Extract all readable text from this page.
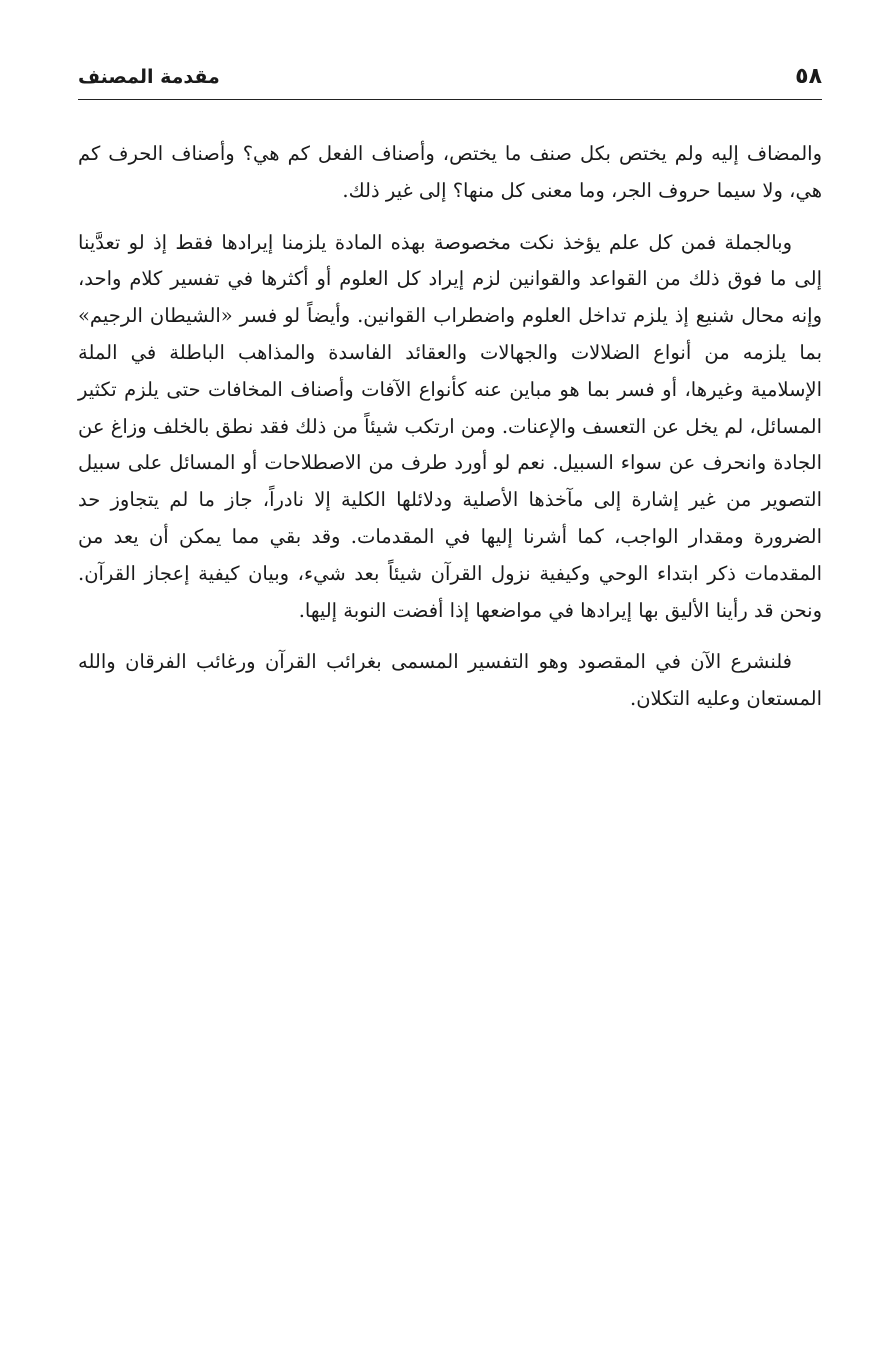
٥٨
مقدمة المصنف

والمضاف إليه ولم يختص بكل صنف ما يختص، وأصناف الفعل كم هي؟ وأصناف الحرف كم هي، ولا سيما حروف الجر، وما معنى كل منها؟ إلى غير ذلك.

وبالجملة فمن كل علم يؤخذ نكت مخصوصة بهذه المادة يلزمنا إيرادها فقط إذ لو تعدَّينا إلى ما فوق ذلك من القواعد والقوانين لزم إيراد كل العلوم أو أكثرها في تفسير كلام واحد، وإنه محال شنيع إذ يلزم تداخل العلوم واضطراب القوانين. وأيضاً لو فسر «الشيطان الرجيم» بما يلزمه من أنواع الضلالات والجهالات والعقائد الفاسدة والمذاهب الباطلة في الملة الإسلامية وغيرها، أو فسر بما هو مباين عنه كأنواع الآفات وأصناف المخافات حتى يلزم تكثير المسائل، لم يخل عن التعسف والإعنات. ومن ارتكب شيئاً من ذلك فقد نطق بالخلف وزاغ عن الجادة وانحرف عن سواء السبيل. نعم لو أورد طرف من الاصطلاحات أو المسائل على سبيل التصوير من غير إشارة إلى مآخذها الأصلية ودلائلها الكلية إلا نادراً، جاز ما لم يتجاوز حد الضرورة ومقدار الواجب، كما أشرنا إليها في المقدمات. وقد بقي مما يمكن أن يعد من المقدمات ذكر ابتداء الوحي وكيفية نزول القرآن شيئاً بعد شيء، وبيان كيفية إعجاز القرآن. ونحن قد رأينا الأليق بها إيرادها في مواضعها إذا أفضت النوبة إليها.

فلنشرع الآن في المقصود وهو التفسير المسمى بغرائب القرآن ورغائب الفرقان والله المستعان وعليه التكلان.
